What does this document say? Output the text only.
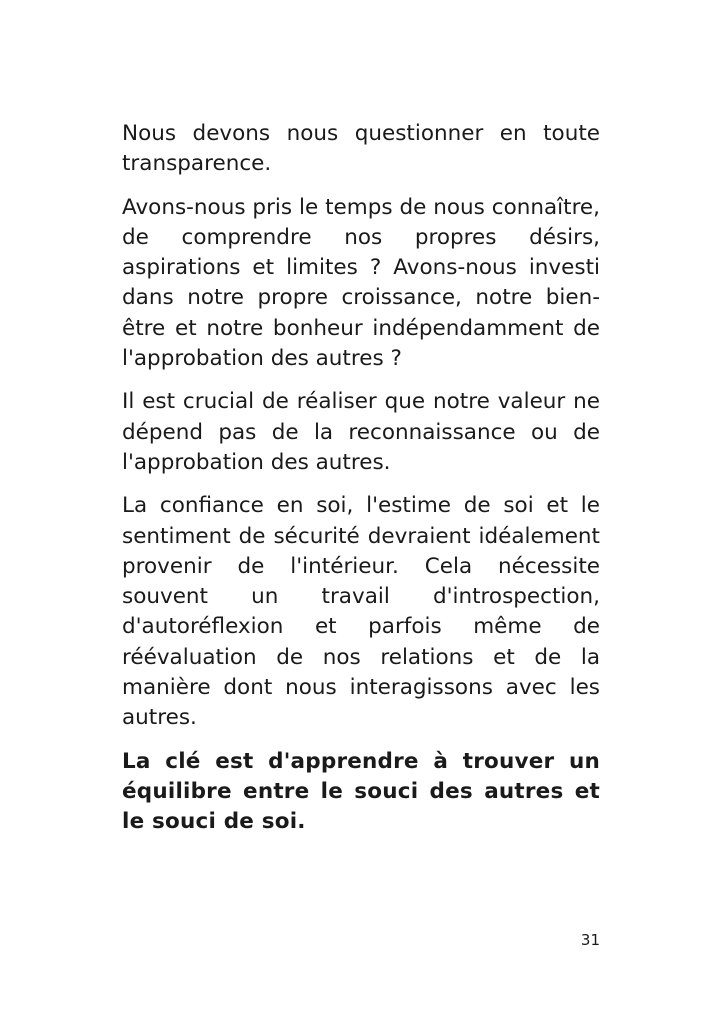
Nous devons nous questionner en toute transparence.

Avons-nous pris le temps de nous connaître, de comprendre nos propres désirs, aspirations et limites ? Avons-nous investi dans notre propre croissance, notre bien-être et notre bonheur indépendamment de l'approbation des autres ?

Il est crucial de réaliser que notre valeur ne dépend pas de la reconnaissance ou de l'approbation des autres.

La confiance en soi, l'estime de soi et le sentiment de sécurité devraient idéalement provenir de l'intérieur. Cela nécessite souvent un travail d'introspection, d'autoréflexion et parfois même de réévaluation de nos relations et de la manière dont nous interagissons avec les autres.

La clé est d'apprendre à trouver un équilibre entre le souci des autres et le souci de soi.

31
